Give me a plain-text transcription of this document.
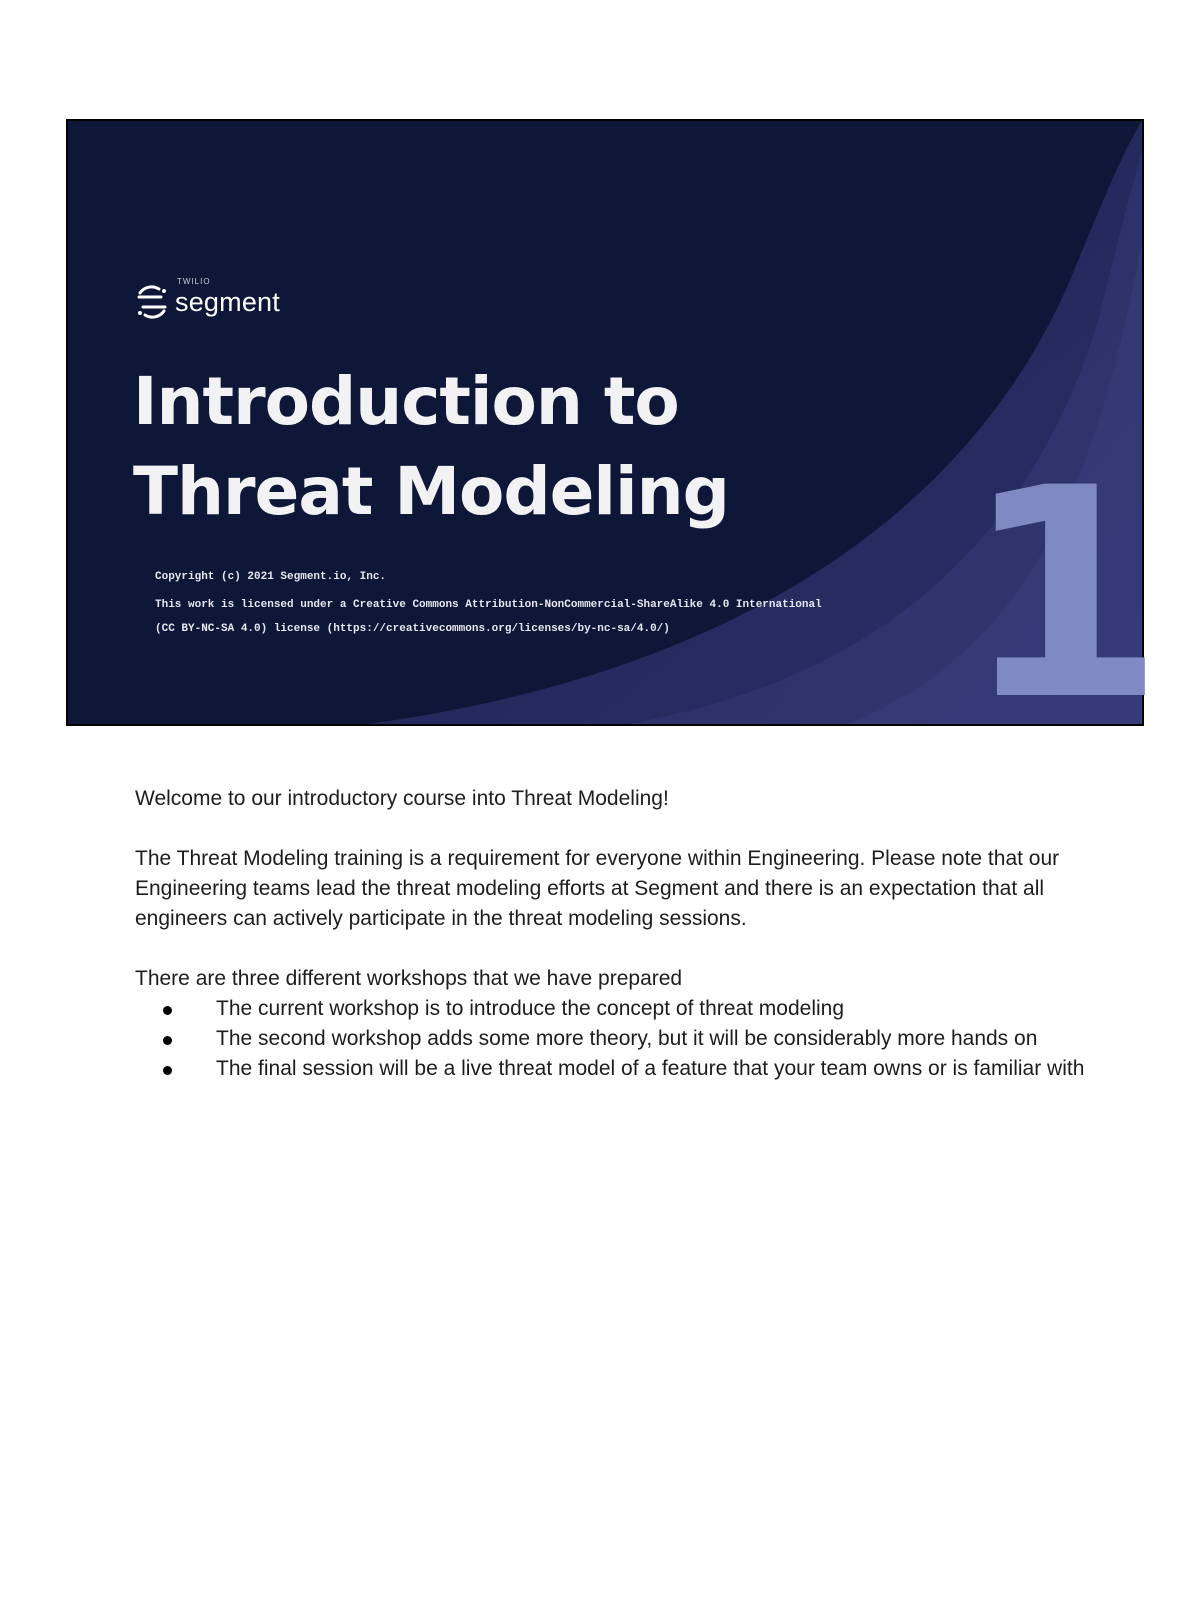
TWILIO
segment
Introduction to
Threat Modeling
Copyright (c) 2021 Segment.io, Inc.
This work is licensed under a Creative Commons Attribution-NonCommercial-ShareAlike 4.0 International
(CC BY-NC-SA 4.0) license (https://creativecommons.org/licenses/by-nc-sa/4.0/)	1

Welcome to our introductory course into Threat Modeling!

The Threat Modeling training is a requirement for everyone within Engineering. Please note that our Engineering teams lead the threat modeling efforts at Segment and there is an expectation that all engineers can actively participate in the threat modeling sessions.

There are three different workshops that we have prepared

The current workshop is to introduce the concept of threat modeling
The second workshop adds some more theory, but it will be considerably more hands on
The final session will be a live threat model of a feature that your team owns or is familiar with
